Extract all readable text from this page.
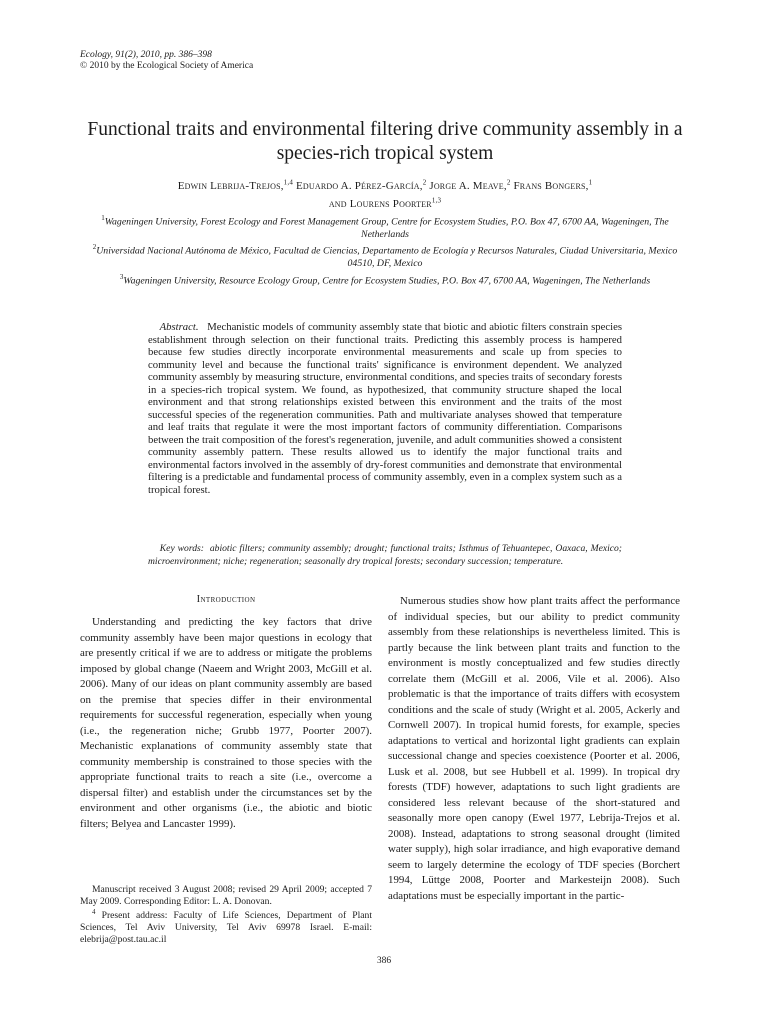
Ecology, 91(2), 2010, pp. 386–398
© 2010 by the Ecological Society of America
Functional traits and environmental filtering drive community assembly in a species-rich tropical system
Edwin Lebrija-Trejos,$^{1,4}$ Eduardo A. Pérez-García,$^2$ Jorge A. Meave,$^2$ Frans Bongers,$^1$
and Lourens Poorter$^{1,3}$
$^1$Wageningen University, Forest Ecology and Forest Management Group, Centre for Ecosystem Studies, P.O. Box 47, 6700 AA, Wageningen, The Netherlands
$^2$Universidad Nacional Autónoma de México, Facultad de Ciencias, Departamento de Ecología y Recursos Naturales, Ciudad Universitaria, Mexico 04510, DF, Mexico
$^3$Wageningen University, Resource Ecology Group, Centre for Ecosystem Studies, P.O. Box 47, 6700 AA, Wageningen, The Netherlands
Abstract. Mechanistic models of community assembly state that biotic and abiotic filters constrain species establishment through selection on their functional traits. Predicting this assembly process is hampered because few studies directly incorporate environmental measurements and scale up from species to community level and because the functional traits' significance is environment dependent. We analyzed community assembly by measuring structure, environmental conditions, and species traits of secondary forests in a species-rich tropical system. We found, as hypothesized, that community structure shaped the local environment and that strong relationships existed between this environment and the traits of the most successful species of the regeneration communities. Path and multivariate analyses showed that temperature and leaf traits that regulate it were the most important factors of community differentiation. Comparisons between the trait composition of the forest's regeneration, juvenile, and adult communities showed a consistent community assembly pattern. These results allowed us to identify the major functional traits and environmental factors involved in the assembly of dry-forest communities and demonstrate that environmental filtering is a predictable and fundamental process of community assembly, even in a complex system such as a tropical forest.
Key words: abiotic filters; community assembly; drought; functional traits; Isthmus of Tehuantepec, Oaxaca, Mexico; microenvironment; niche; regeneration; seasonally dry tropical forests; secondary succession; temperature.
Introduction

Understanding and predicting the key factors that drive community assembly have been major questions in ecology that are presently critical if we are to address or mitigate the problems imposed by global change (Naeem and Wright 2003, McGill et al. 2006). Many of our ideas on plant community assembly are based on the premise that species differ in their environmental requirements for successful regeneration, especially when young (i.e., the regeneration niche; Grubb 1977, Poorter 2007). Mechanistic explanations of community assembly state that community membership is constrained to those species with the appropriate functional traits to reach a site (i.e., overcome a dispersal filter) and establish under the circumstances set by the environment and other organisms (i.e., the abiotic and biotic filters; Belyea and Lancaster 1999).

Numerous studies show how plant traits affect the performance of individual species, but our ability to predict community assembly from these relationships is nevertheless limited. This is partly because the link between plant traits and function to the environment is mostly conceptualized and few studies directly correlate them (McGill et al. 2006, Vile et al. 2006). Also problematic is that the importance of traits differs with ecosystem conditions and the scale of study (Wright et al. 2005, Ackerly and Cornwell 2007). In tropical humid forests, for example, species adaptations to vertical and horizontal light gradients can explain successional change and species coexistence (Poorter et al. 2006, Lusk et al. 2008, but see Hubbell et al. 1999). In tropical dry forests (TDF) however, adaptations to such light gradients are considered less relevant because of the short-statured and seasonally more open canopy (Ewel 1977, Lebrija-Trejos et al. 2008). Instead, adaptations to strong seasonal drought (limited water supply), high solar irradiance, and high evaporative demand seem to largely determine the ecology of TDF species (Borchert 1994, Lüttge 2008, Poorter and Markesteijn 2008). Such adaptations must be especially important in the partic-

Manuscript received 3 August 2008; revised 29 April 2009; accepted 7 May 2009. Corresponding Editor: L. A. Donovan.

$^4$ Present address: Faculty of Life Sciences, Department of Plant Sciences, Tel Aviv University, Tel Aviv 69978 Israel. E-mail: elebrija@post.tau.ac.il

386
